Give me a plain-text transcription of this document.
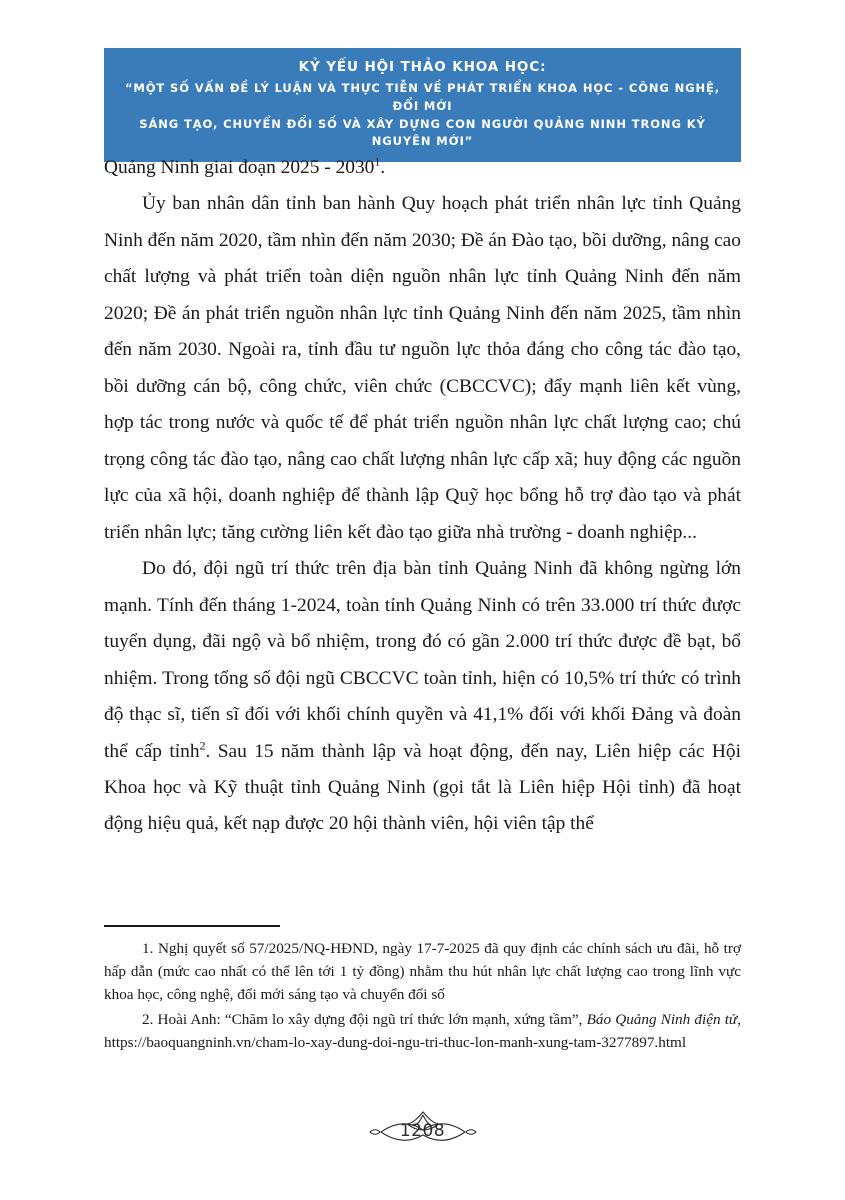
KỶ YẾU HỘI THẢO KHOA HỌC:
“MỘT SỐ VẤN ĐỀ LÝ LUẬN VÀ THỰC TIỄN VỀ PHÁT TRIỂN KHOA HỌC - CÔNG NGHỆ, ĐỔI MỚI
SÁNG TẠO, CHUYỂN ĐỔI SỐ VÀ XÂY DỰNG CON NGƯỜI QUẢNG NINH TRONG KỶ NGUYÊN MỚI”

Quảng Ninh giai đoạn 2025 - 2030$^1$.

Ủy ban nhân dân tỉnh ban hành Quy hoạch phát triển nhân lực tỉnh Quảng Ninh đến năm 2020, tầm nhìn đến năm 2030; Đề án Đào tạo, bồi dưỡng, nâng cao chất lượng và phát triển toàn diện nguồn nhân lực tỉnh Quảng Ninh đến năm 2020; Đề án phát triển nguồn nhân lực tỉnh Quảng Ninh đến năm 2025, tầm nhìn đến năm 2030. Ngoài ra, tỉnh đầu tư nguồn lực thỏa đáng cho công tác đào tạo, bồi dưỡng cán bộ, công chức, viên chức (CBCCVC); đẩy mạnh liên kết vùng, hợp tác trong nước và quốc tế để phát triển nguồn nhân lực chất lượng cao; chú trọng công tác đào tạo, nâng cao chất lượng nhân lực cấp xã; huy động các nguồn lực của xã hội, doanh nghiệp để thành lập Quỹ học bổng hỗ trợ đào tạo và phát triển nhân lực; tăng cường liên kết đào tạo giữa nhà trường - doanh nghiệp...

Do đó, đội ngũ trí thức trên địa bàn tỉnh Quảng Ninh đã không ngừng lớn mạnh. Tính đến tháng 1-2024, toàn tỉnh Quảng Ninh có trên 33.000 trí thức được tuyển dụng, đãi ngộ và bổ nhiệm, trong đó có gần 2.000 trí thức được đề bạt, bổ nhiệm. Trong tổng số đội ngũ CBCCVC toàn tỉnh, hiện có 10,5% trí thức có trình độ thạc sĩ, tiến sĩ đối với khối chính quyền và 41,1% đối với khối Đảng và đoàn thể cấp tỉnh$^2$. Sau 15 năm thành lập và hoạt động, đến nay, Liên hiệp các Hội Khoa học và Kỹ thuật tỉnh Quảng Ninh (gọi tắt là Liên hiệp Hội tỉnh) đã hoạt động hiệu quả, kết nạp được 20 hội thành viên, hội viên tập thể

1. Nghị quyết số 57/2025/NQ-HĐND, ngày 17-7-2025 đã quy định các chính sách ưu đãi, hỗ trợ hấp dẫn (mức cao nhất có thể lên tới 1 tỷ đồng) nhằm thu hút nhân lực chất lượng cao trong lĩnh vực khoa học, công nghệ, đổi mới sáng tạo và chuyển đổi số

2. Hoài Anh: “Chăm lo xây dựng đội ngũ trí thức lớn mạnh, xứng tầm”, Báo Quảng Ninh điện tử, https://baoquangninh.vn/cham-lo-xay-dung-doi-ngu-tri-thuc-lon-manh-xung-tam-3277897.html

1208
